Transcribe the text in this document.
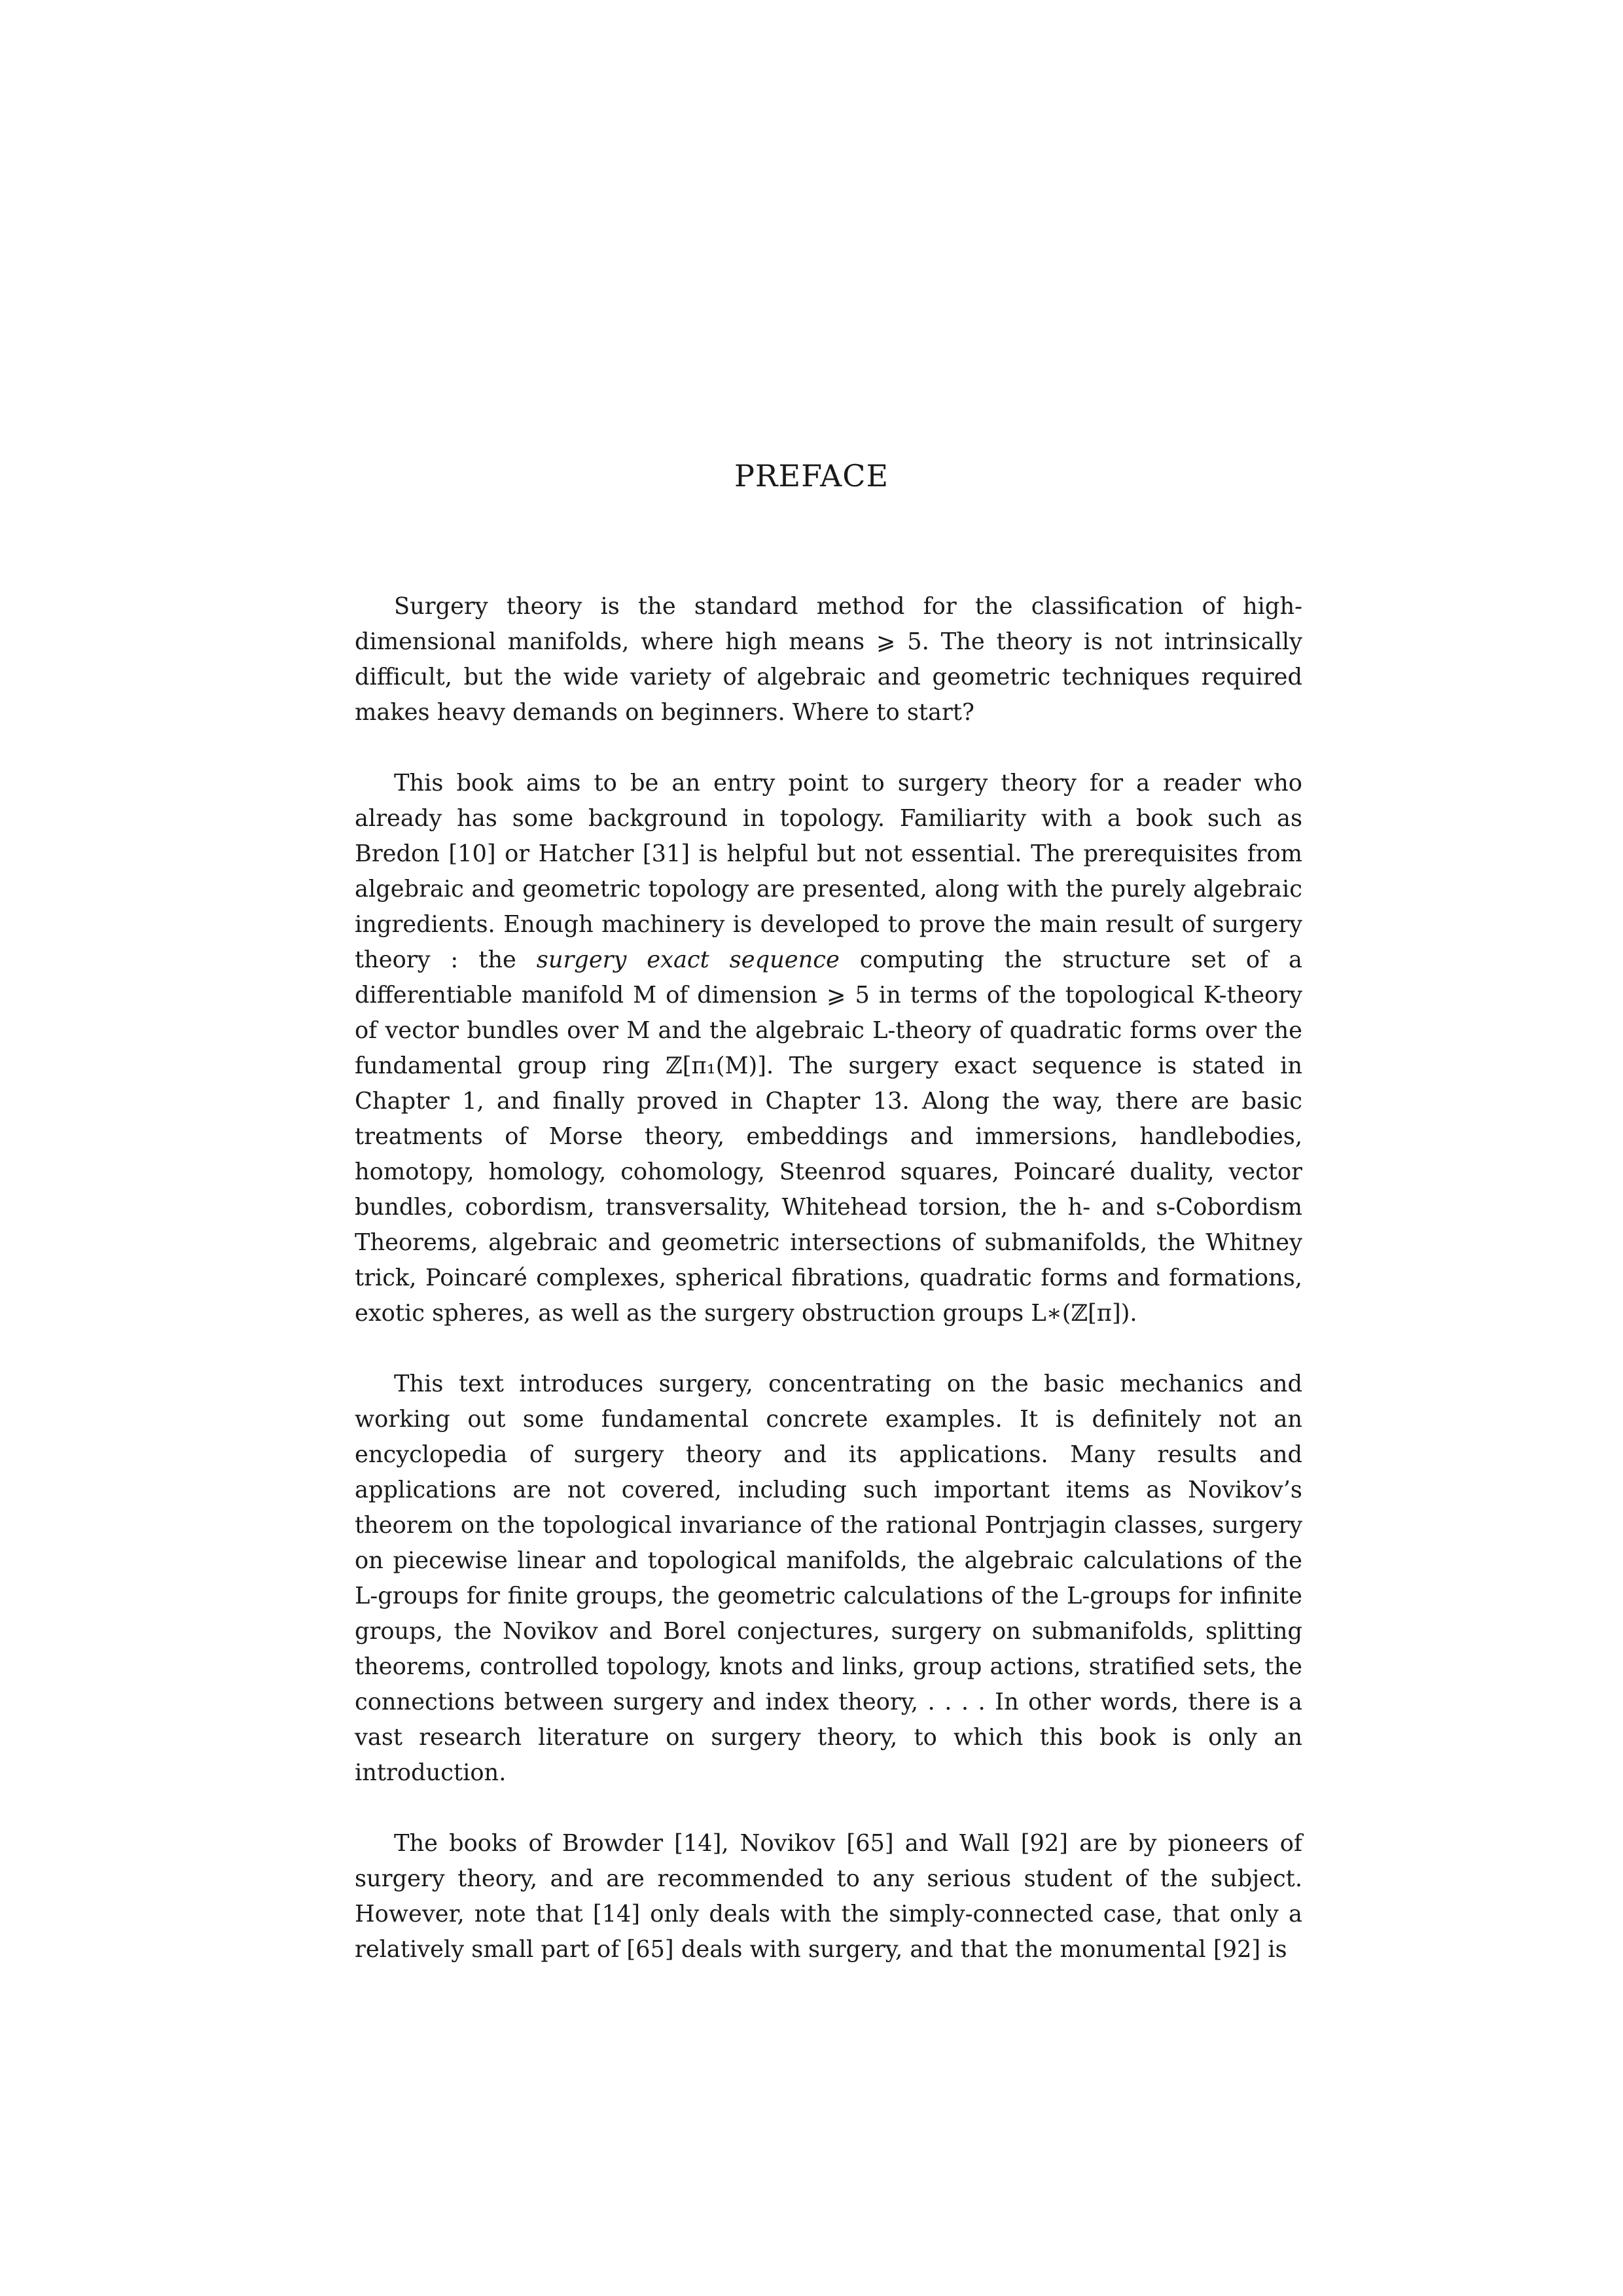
PREFACE

Surgery theory is the standard method for the classification of high-dimensional manifolds, where high means ⩾ 5. The theory is not intrinsically difficult, but the wide variety of algebraic and geometric techniques required makes heavy demands on beginners. Where to start?

This book aims to be an entry point to surgery theory for a reader who already has some background in topology. Familiarity with a book such as Bredon [10] or Hatcher [31] is helpful but not essential. The prerequisites from algebraic and geometric topology are presented, along with the purely algebraic ingredients. Enough machinery is developed to prove the main result of surgery theory : the surgery exact sequence computing the structure set of a differentiable manifold M of dimension ⩾ 5 in terms of the topological K-theory of vector bundles over M and the algebraic L-theory of quadratic forms over the fundamental group ring ℤ[π₁(M)]. The surgery exact sequence is stated in Chapter 1, and finally proved in Chapter 13. Along the way, there are basic treatments of Morse theory, embeddings and immersions, handlebodies, homotopy, homology, cohomology, Steenrod squares, Poincaré duality, vector bundles, cobordism, transversality, Whitehead torsion, the h- and s-Cobordism Theorems, algebraic and geometric intersections of submanifolds, the Whitney trick, Poincaré complexes, spherical fibrations, quadratic forms and formations, exotic spheres, as well as the surgery obstruction groups L∗(ℤ[π]).

This text introduces surgery, concentrating on the basic mechanics and working out some fundamental concrete examples. It is definitely not an encyclopedia of surgery theory and its applications. Many results and applications are not covered, including such important items as Novikov’s theorem on the topological invariance of the rational Pontrjagin classes, surgery on piecewise linear and topological manifolds, the algebraic calculations of the L-groups for finite groups, the geometric calculations of the L-groups for infinite groups, the Novikov and Borel conjectures, surgery on submanifolds, splitting theorems, controlled topology, knots and links, group actions, stratified sets, the connections between surgery and index theory, . . . . In other words, there is a vast research literature on surgery theory, to which this book is only an introduction.

The books of Browder [14], Novikov [65] and Wall [92] are by pioneers of surgery theory, and are recommended to any serious student of the subject. However, note that [14] only deals with the simply-connected case, that only a relatively small part of [65] deals with surgery, and that the monumental [92] is
